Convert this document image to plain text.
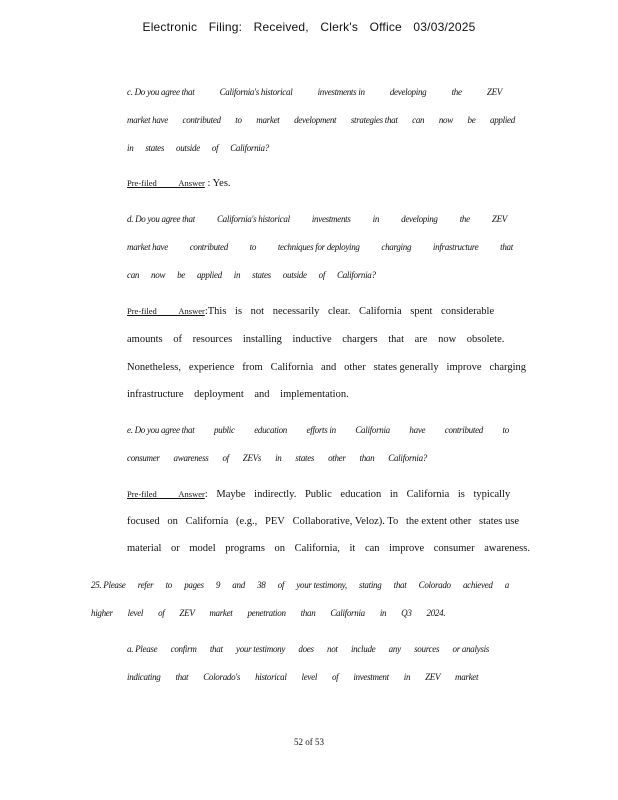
Electronic Filing: Received, Clerk's Office 03/03/2025
c. Do you agree that	California's historical	investments in	developing	the	ZEV
market have contributed to market development strategies that can now be applied
in states outside of California?
Pre-filed Answer : Yes.
d. Do you agree that California's historical investments in developing the ZEV
market have contributed to techniques for deploying charging infrastructure that
can now be applied in states outside of California?
Pre-filed Answer:This is not necessarily clear. California spent considerable
amounts of resources installing inductive chargers that are now obsolete.
Nonetheless, experience from California and other states generally improve charging
infrastructure deployment and implementation.
e. Do you agree that public education efforts in California have contributed to
consumer awareness of ZEVs in states other than California?
Pre-filed Answer: Maybe indirectly. Public education in California is typically
focused on California (e.g., PEV Collaborative, Veloz). To the extent other states use
material or model programs on California, it can improve consumer awareness.
25. Please refer to pages 9 and 38 of your testimony, stating that Colorado achieved a
higher level of ZEV market penetration than California in Q3 2024.
a. Please confirm that your testimony does not include any sources or analysis
indicating that Colorado's historical level of investment in ZEV market
52 of 53
